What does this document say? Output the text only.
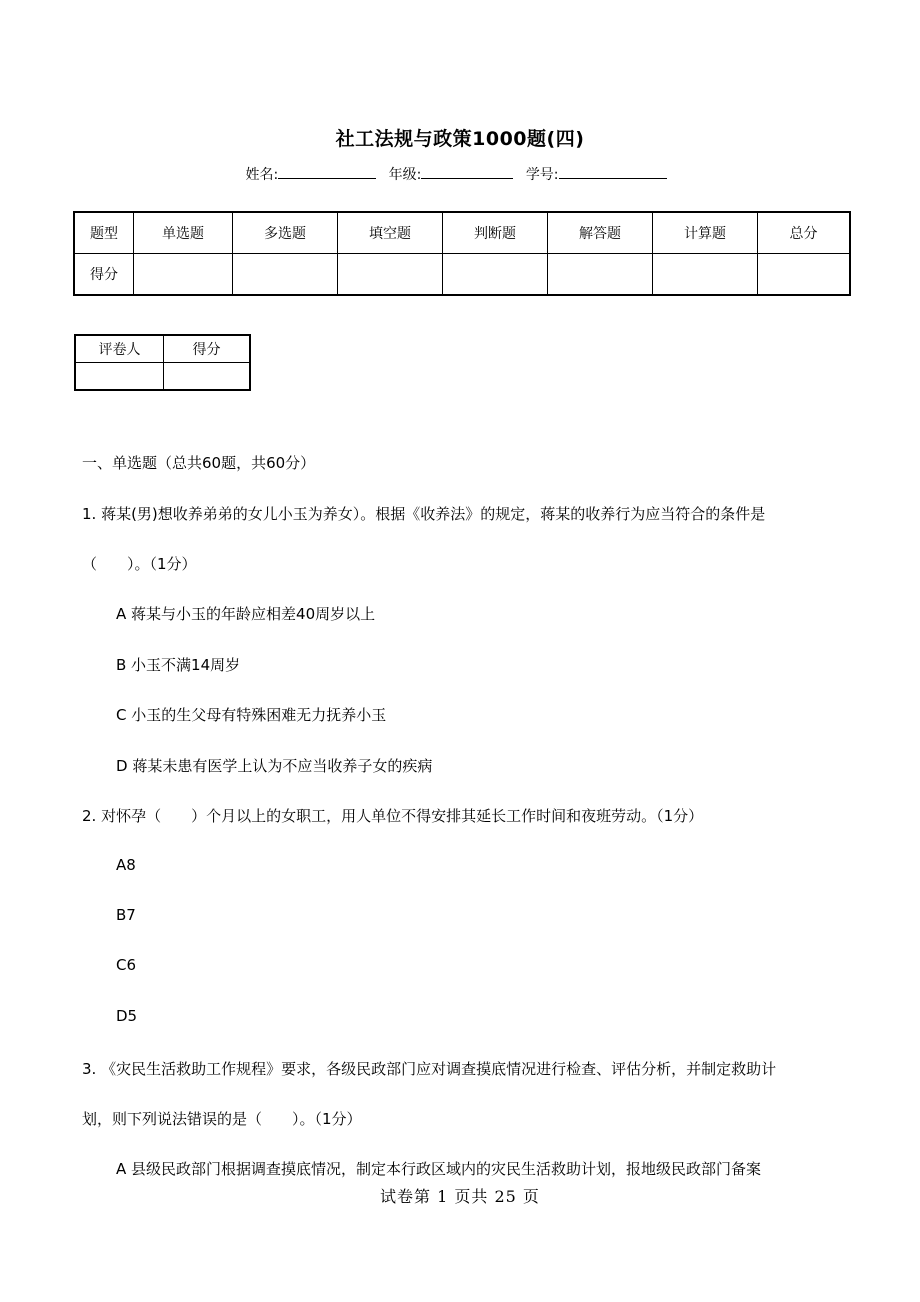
社工法规与政策1000题(四)
姓名:	年级:	学号:
题型	单选题	多选题	填空题	判断题	解答题	计算题	总分
得分							
评卷人	得分

一、单选题（总共60题，共60分）
1. 蒋某(男)想收养弟弟的女儿小玉为养女）。根据《收养法》的规定，蒋某的收养行为应当符合的条件是
（　　）。（1分）
A 蒋某与小玉的年龄应相差40周岁以上
B 小玉不满14周岁
C 小玉的生父母有特殊困难无力抚养小玉
D 蒋某未患有医学上认为不应当收养子女的疾病
2. 对怀孕（　　）个月以上的女职工，用人单位不得安排其延长工作时间和夜班劳动。（1分）
A8
B7
C6
D5
3. 《灾民生活救助工作规程》要求，各级民政部门应对调查摸底情况进行检查、评估分析，并制定救助计
划，则下列说法错误的是（　　）。（1分）
A 县级民政部门根据调查摸底情况，制定本行政区域内的灾民生活救助计划，报地级民政部门备案
试卷第 1 页共 25 页
